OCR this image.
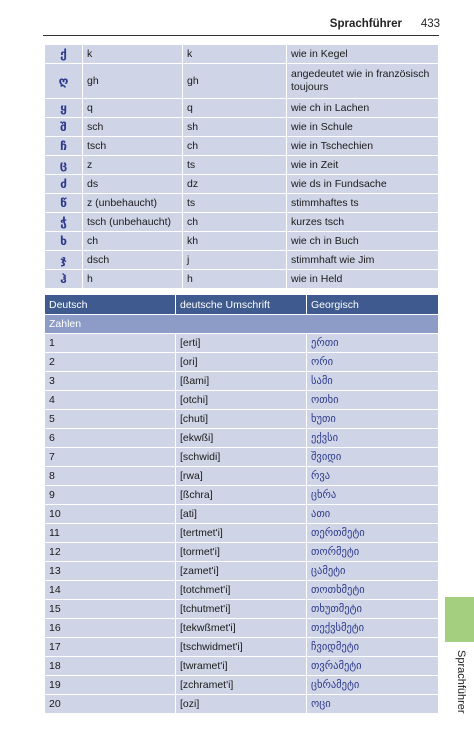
Sprachführer 433
ქ	k	k	wie in Kegel
ღ	gh	gh	angedeutet wie in französisch toujours
ყ	q	q	wie ch in Lachen
შ	sch	sh	wie in Schule
ჩ	tsch	ch	wie in Tschechien
ც	z	ts	wie in Zeit
ძ	ds	dz	wie ds in Fundsache
წ	z (unbehaucht)	ts	stimmhaftes ts
ჭ	tsch (unbehaucht)	ch	kurzes tsch
ხ	ch	kh	wie ch in Buch
ჯ	dsch	j	stimmhaft wie Jim
ჰ	h	h	wie in Held
Deutsch	deutsche Umschrift	Georgisch
Zahlen		
1	[erti]	ერთი
2	[ori]	ორი
3	[ßami]	სამი
4	[otchi]	ოთხი
5	[chuti]	ხუთი
6	[ekwßi]	ექვსი
7	[schwidi]	შვიდი
8	[rwa]	რვა
9	[ßchra]	ცხრა
10	[ati]	ათი
11	[tertmet'i]	თერთმეტი
12	[tormet'i]	თორმეტი
13	[zamet'i]	ცამეტი
14	[totchmet'i]	თოთხმეტი
15	[tchutmet'i]	თხუთმეტი
16	[tekwßmet'i]	თექვსმეტი
17	[tschwidmet'i]	ჩვიდმეტი
18	[twramet'i]	თვრამეტი
19	[zchramet'i]	ცხრამეტი
20	[ozi]	ოცი	Sprachführer
